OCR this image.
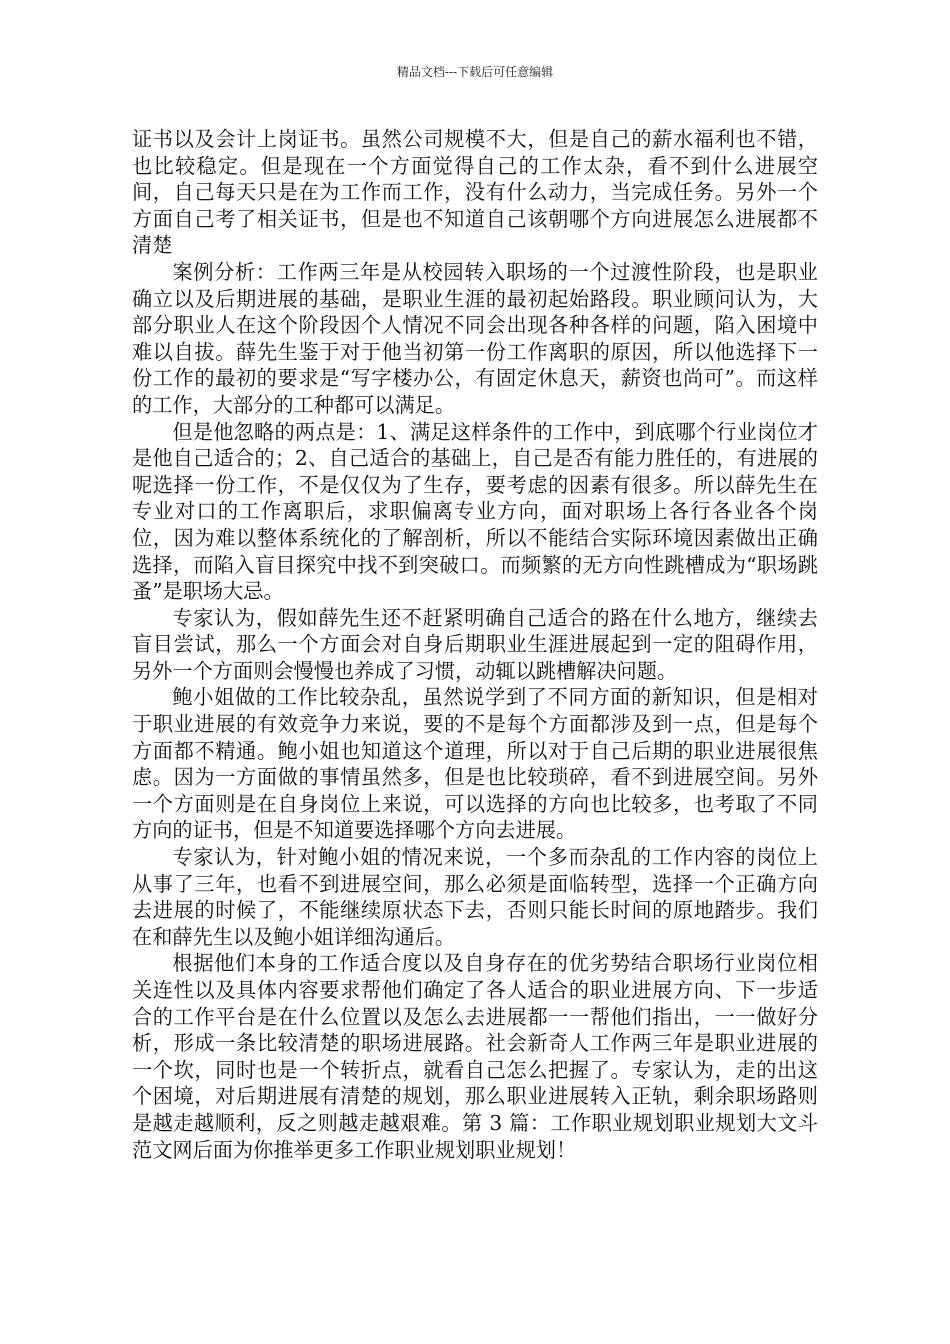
精品文档---下载后可任意编辑

证书以及会计上岗证书。虽然公司规模不大，但是自己的薪水福利也不错，也比较稳定。但是现在一个方面觉得自己的工作太杂，看不到什么进展空间，自己每天只是在为工作而工作，没有什么动力，当完成任务。另外一个方面自己考了相关证书，但是也不知道自己该朝哪个方向进展怎么进展都不清楚

案例分析：工作两三年是从校园转入职场的一个过渡性阶段，也是职业确立以及后期进展的基础，是职业生涯的最初起始路段。职业顾问认为，大部分职业人在这个阶段因个人情况不同会出现各种各样的问题，陷入困境中难以自拔。薛先生鉴于对于他当初第一份工作离职的原因，所以他选择下一份工作的最初的要求是“写字楼办公，有固定休息天，薪资也尚可”。而这样的工作，大部分的工种都可以满足。

但是他忽略的两点是：1、满足这样条件的工作中，到底哪个行业岗位才是他自己适合的；2、自己适合的基础上，自己是否有能力胜任的，有进展的呢选择一份工作，不是仅仅为了生存，要考虑的因素有很多。所以薛先生在专业对口的工作离职后，求职偏离专业方向，面对职场上各行各业各个岗位，因为难以整体系统化的了解剖析，所以不能结合实际环境因素做出正确选择，而陷入盲目探究中找不到突破口。而频繁的无方向性跳槽成为“职场跳蚤”是职场大忌。

专家认为，假如薛先生还不赶紧明确自己适合的路在什么地方，继续去盲目尝试，那么一个方面会对自身后期职业生涯进展起到一定的阻碍作用，另外一个方面则会慢慢也养成了习惯，动辄以跳槽解决问题。

鲍小姐做的工作比较杂乱，虽然说学到了不同方面的新知识，但是相对于职业进展的有效竞争力来说，要的不是每个方面都涉及到一点，但是每个方面都不精通。鲍小姐也知道这个道理，所以对于自己后期的职业进展很焦虑。因为一方面做的事情虽然多，但是也比较琐碎，看不到进展空间。另外一个方面则是在自身岗位上来说，可以选择的方向也比较多，也考取了不同方向的证书，但是不知道要选择哪个方向去进展。

专家认为，针对鲍小姐的情况来说，一个多而杂乱的工作内容的岗位上从事了三年，也看不到进展空间，那么必须是面临转型，选择一个正确方向去进展的时候了，不能继续原状态下去，否则只能长时间的原地踏步。我们在和薛先生以及鲍小姐详细沟通后。

根据他们本身的工作适合度以及自身存在的优劣势结合职场行业岗位相关连性以及具体内容要求帮他们确定了各人适合的职业进展方向、下一步适合的工作平台是在什么位置以及怎么去进展都一一帮他们指出，一一做好分析，形成一条比较清楚的职场进展路。社会新奇人工作两三年是职业进展的一个坎，同时也是一个转折点，就看自己怎么把握了。专家认为，走的出这个困境，对后期进展有清楚的规划，那么职业进展转入正轨，剩余职场路则是越走越顺利，反之则越走越艰难。第 3 篇：工作职业规划职业规划大文斗范文网后面为你推举更多工作职业规划职业规划！
